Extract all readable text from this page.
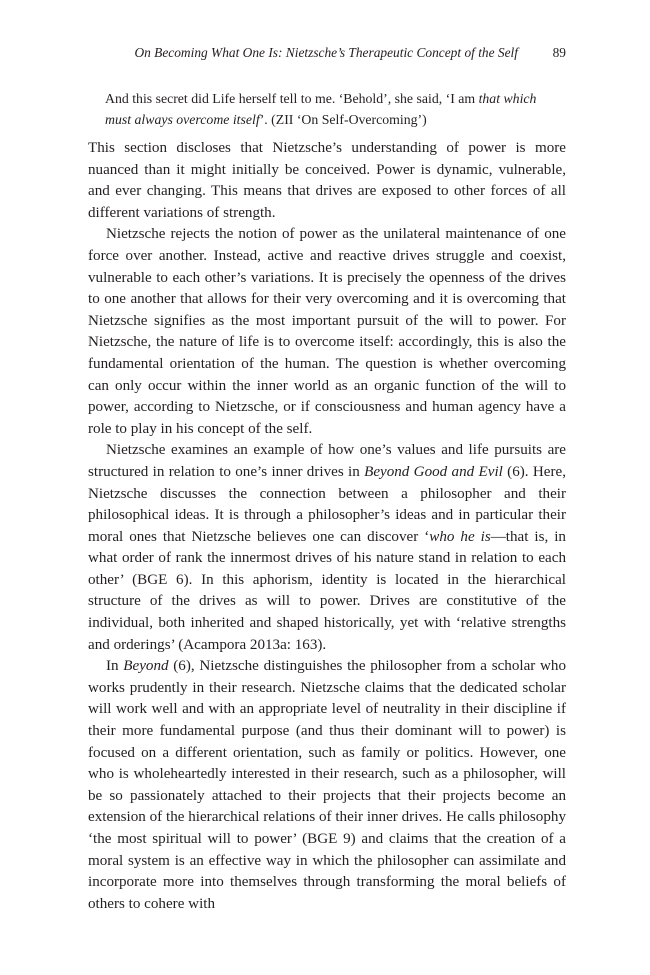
On Becoming What One Is: Nietzsche’s Therapeutic Concept of the Self	89
And this secret did Life herself tell to me. ‘Behold’, she said, ‘I am that which must always overcome itself’. (ZII ‘On Self-Overcoming’)

This section discloses that Nietzsche’s understanding of power is more nuanced than it might initially be conceived. Power is dynamic, vulnerable, and ever changing. This means that drives are exposed to other forces of all different variations of strength.

Nietzsche rejects the notion of power as the unilateral maintenance of one force over another. Instead, active and reactive drives struggle and coexist, vulnerable to each other’s variations. It is precisely the openness of the drives to one another that allows for their very overcoming and it is overcoming that Nietzsche signifies as the most important pursuit of the will to power. For Nietzsche, the nature of life is to overcome itself: accordingly, this is also the fundamental orientation of the human. The question is whether overcoming can only occur within the inner world as an organic function of the will to power, according to Nietzsche, or if consciousness and human agency have a role to play in his concept of the self.

Nietzsche examines an example of how one’s values and life pursuits are structured in relation to one’s inner drives in Beyond Good and Evil (6). Here, Nietzsche discusses the connection between a philosopher and their philosophical ideas. It is through a philosopher’s ideas and in particular their moral ones that Nietzsche believes one can discover ‘who he is—that is, in what order of rank the innermost drives of his nature stand in relation to each other’ (BGE 6). In this aphorism, identity is located in the hierarchical structure of the drives as will to power. Drives are constitutive of the individual, both inherited and shaped historically, yet with ‘relative strengths and orderings’ (Acampora 2013a: 163).

In Beyond (6), Nietzsche distinguishes the philosopher from a scholar who works prudently in their research. Nietzsche claims that the dedicated scholar will work well and with an appropriate level of neutrality in their discipline if their more fundamental purpose (and thus their dominant will to power) is focused on a different orientation, such as family or politics. However, one who is wholeheartedly interested in their research, such as a philosopher, will be so passionately attached to their projects that their projects become an extension of the hierarchical relations of their inner drives. He calls philosophy ‘the most spiritual will to power’ (BGE 9) and claims that the creation of a moral system is an effective way in which the philosopher can assimilate and incorporate more into themselves through transforming the moral beliefs of others to cohere with
